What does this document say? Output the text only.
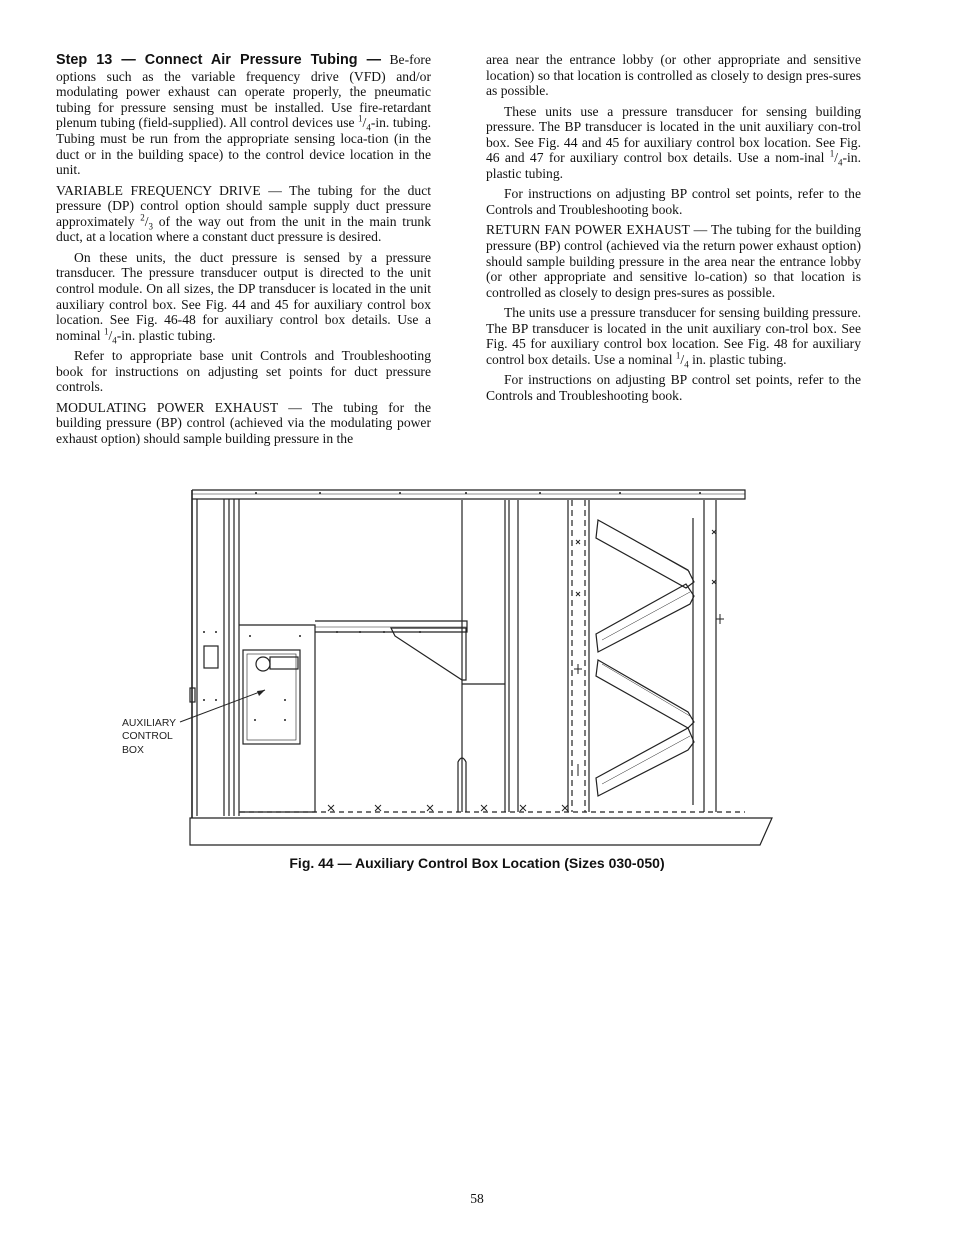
Step 13 — Connect Air Pressure Tubing — Be-fore options such as the variable frequency drive (VFD) and/or modulating power exhaust can operate properly, the pneumatic tubing for pressure sensing must be installed. Use fire-retardant plenum tubing (field-supplied). All control devices use $^1/_4-in$. tubing. Tubing must be run from the appropriate sensing loca-tion (in the duct or in the building space) to the control device location in the unit.

VARIABLE FREQUENCY DRIVE — The tubing for the duct pressure (DP) control option should sample supply duct pressure approximately $^2/_3$ of the way out from the unit in the main trunk duct, at a location where a constant duct pressure is desired.

On these units, the duct pressure is sensed by a pressure transducer. The pressure transducer output is directed to the unit control module. On all sizes, the DP transducer is located in the unit auxiliary control box. See Fig. 44 and 45 for auxiliary control box location. See Fig. 46-48 for auxiliary control box details. Use a nominal $^1/_4-in$. plastic tubing.

Refer to appropriate base unit Controls and Troubleshooting book for instructions on adjusting set points for duct pressure controls.

MODULATING POWER EXHAUST — The tubing for the building pressure (BP) control (achieved via the modulating power exhaust option) should sample building pressure in the

area near the entrance lobby (or other appropriate and sensitive location) so that location is controlled as closely to design pres-sures as possible.

These units use a pressure transducer for sensing building pressure. The BP transducer is located in the unit auxiliary con-trol box. See Fig. 44 and 45 for auxiliary control box location. See Fig. 46 and 47 for auxiliary control box details. Use a nom-inal $^1/_4-in$. plastic tubing.

For instructions on adjusting BP control set points, refer to the Controls and Troubleshooting book.

RETURN FAN POWER EXHAUST — The tubing for the building pressure (BP) control (achieved via the return power exhaust option) should sample building pressure in the area near the entrance lobby (or other appropriate and sensitive lo-cation) so that location is controlled as closely to design pres-sures as possible.

The units use a pressure transducer for sensing building pressure. The BP transducer is located in the unit auxiliary con-trol box. See Fig. 45 for auxiliary control box location. See Fig. 48 for auxiliary control box details. Use a nominal $^1/_4$ in. plastic tubing.

For instructions on adjusting BP control set points, refer to the Controls and Troubleshooting book.

AUXILIARY
CONTROL
BOX
Fig. 44 — Auxiliary Control Box Location (Sizes 030-050)
58
